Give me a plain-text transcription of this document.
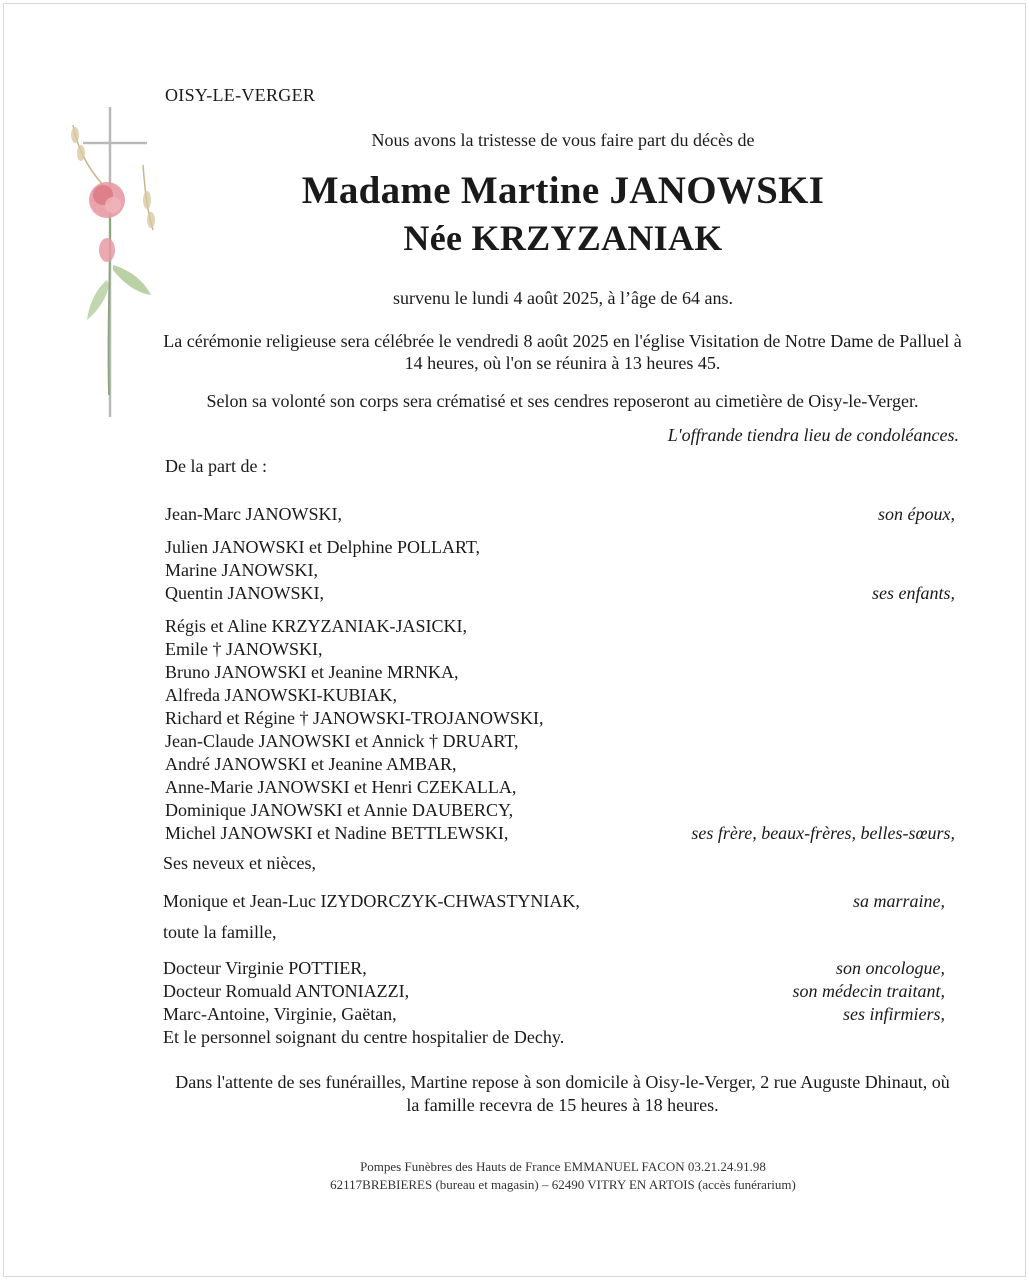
OISY-LE-VERGER
Nous avons la tristesse de vous faire part du décès de
Madame Martine JANOWSKI
Née KRZYZANIAK
survenu le lundi 4 août 2025, à l’âge de 64 ans.
La cérémonie religieuse sera célébrée le vendredi 8 août 2025 en l'église Visitation de Notre Dame de Palluel à 14 heures, où l'on se réunira à 13 heures 45.
Selon sa volonté son corps sera crématisé et ses cendres reposeront au cimetière de Oisy-le-Verger.
L'offrande tiendra lieu de condoléances.
De la part de :
Jean-Marc JANOWSKI,	son époux,
Julien JANOWSKI et Delphine POLLART,
Marine JANOWSKI,
Quentin JANOWSKI,	ses enfants,
Régis et Aline KRZYZANIAK-JASICKI,
Emile † JANOWSKI,
Bruno JANOWSKI et Jeanine MRNKA,
Alfreda JANOWSKI-KUBIAK,
Richard et Régine † JANOWSKI-TROJANOWSKI,
Jean-Claude JANOWSKI et Annick † DRUART,
André JANOWSKI et Jeanine AMBAR,
Anne-Marie JANOWSKI et Henri CZEKALLA,
Dominique JANOWSKI et Annie DAUBERCY,
Michel JANOWSKI et Nadine BETTLEWSKI,	ses frère, beaux-frères, belles-sœurs,
Ses neveux et nièces,
Monique et Jean-Luc IZYDORCZYK-CHWASTYNIAK,	sa marraine,
toute la famille,
Docteur Virginie POTTIER,	son oncologue,
Docteur Romuald ANTONIAZZI,	son médecin traitant,
Marc-Antoine, Virginie, Gaëtan,	ses infirmiers,
Et le personnel soignant du centre hospitalier de Dechy.
Dans l'attente de ses funérailles, Martine repose à son domicile à Oisy-le-Verger, 2 rue Auguste Dhinaut, où la famille recevra de 15 heures à 18 heures.
Pompes Funèbres des Hauts de France EMMANUEL FACON 03.21.24.91.98
62117BREBIERES (bureau et magasin) – 62490 VITRY EN ARTOIS (accès funérarium)
